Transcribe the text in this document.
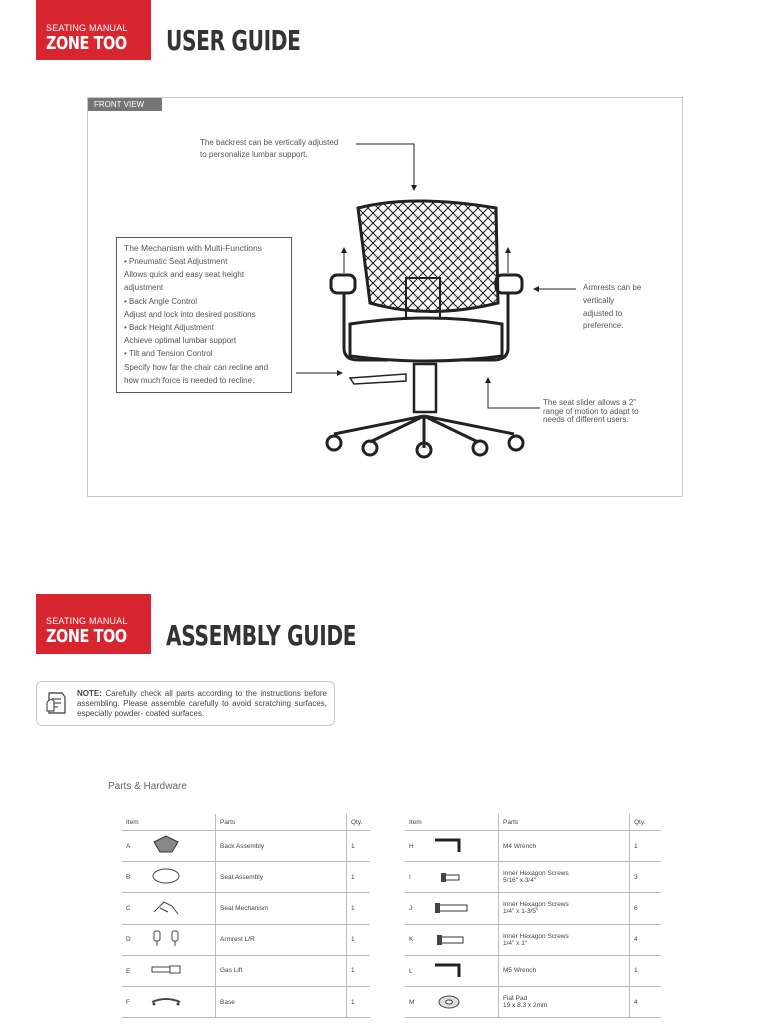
SEATING MANUAL
ZONE TOO USER GUIDE
FRONT VIEW
The backrest can be vertically adjusted
to personalize lumbar support.
The Mechanism with Multi-Functions
• Pneumatic Seat Adjustment
Allows quick and easy seat height
adjustment
• Back Angle Control
Adjust and lock into desired positions
• Back Height Adjustment
Achieve optimal lumbar support
• Tilt and Tension Control
Specify how far the chair can recline and
how much force is needed to recline.
Armrests can be
vertically
adjusted to
preference.
The seat slider allows a 2"
range of motion to adapt to
needs of different users.
SEATING MANUAL
ZONE TOO ASSEMBLY GUIDE
NOTE: Carefully check all parts according to the instructions before assembling. Please assemble carefully to avoid scratching surfaces, especially powder- coated surfaces.
Parts & Hardware
Item	Parts	Qty.
A	Back Assembly	1
B	Seat Assembly	1
C	Seat Mechanism	1
D	Armrest L/R	1
E	Gas Lift	1
F	Base	1
Item	Parts	Qty.
H	M4 Wrench	1
I	Inner Hexagon Screws
5/16" x 3/4"	3
J	Inner Hexagon Screws
1/4" x 1-3/5"	6
K	Inner Hexagon Screws
1/4" x 1"	4
L	M5 Wrench	1
M	Flat Pad
19 x 8.3 x 2mm	4
